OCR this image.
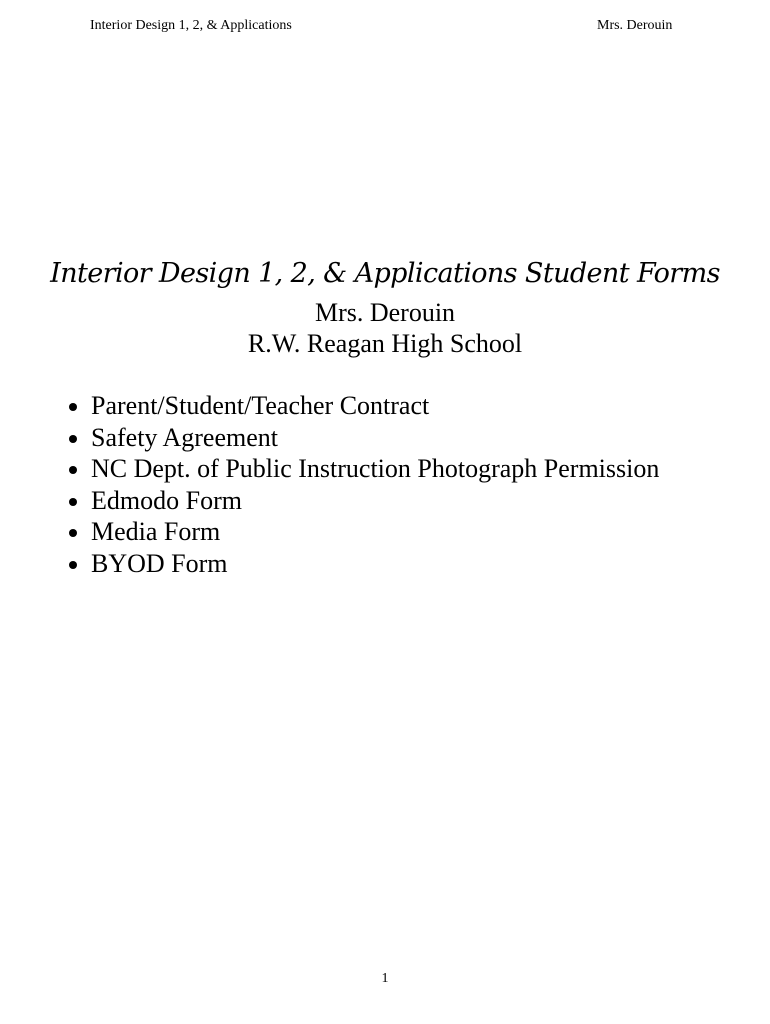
Interior Design 1, 2, & Applications	Mrs. Derouin
Interior Design 1, 2, & Applications Student Forms
Mrs. Derouin
R.W. Reagan High School
Parent/Student/Teacher Contract
Safety Agreement
NC Dept. of Public Instruction Photograph Permission
Edmodo Form
Media Form
BYOD Form
1
